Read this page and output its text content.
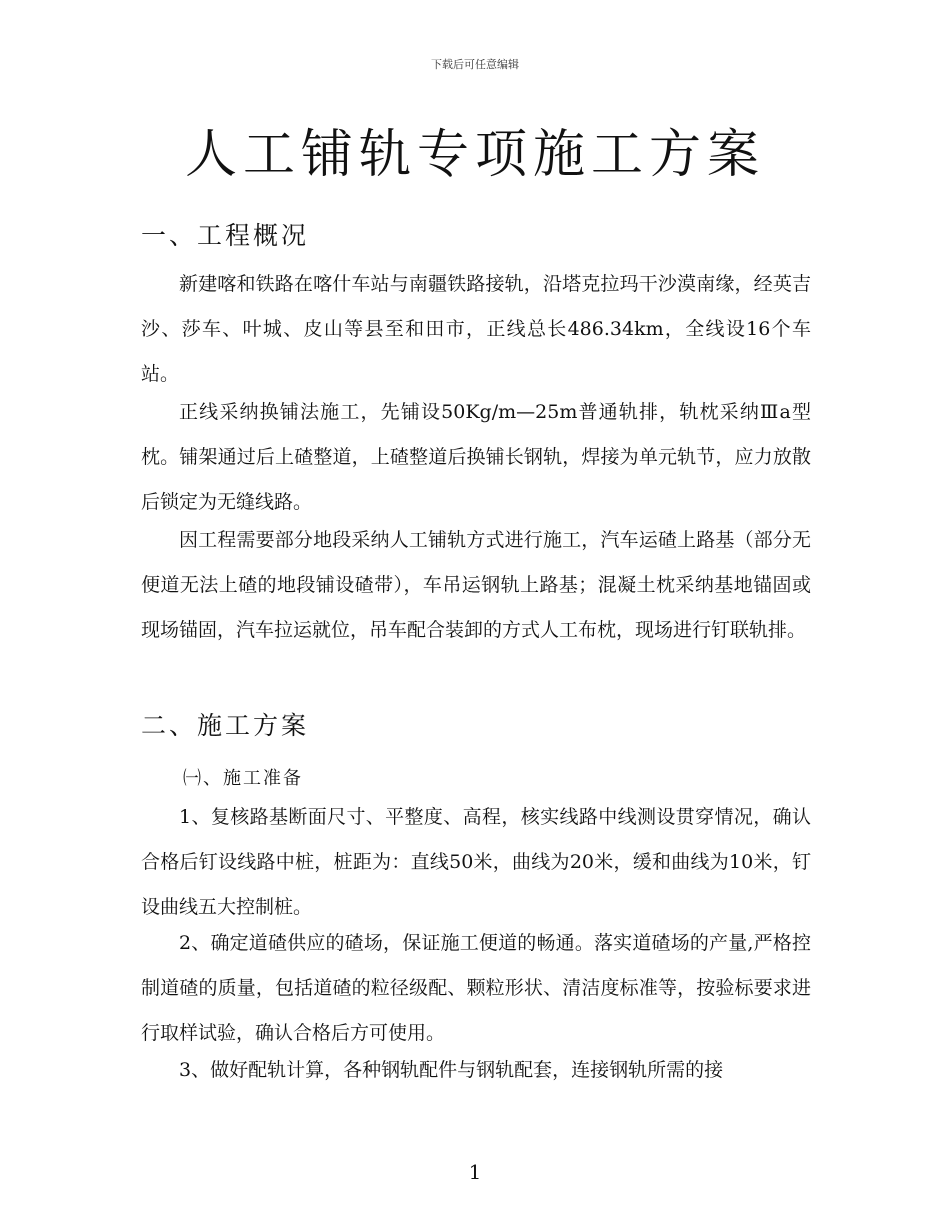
下载后可任意编辑
人工铺轨专项施工方案
一、工程概况
新建喀和铁路在喀什车站与南疆铁路接轨，沿塔克拉玛干沙漠南缘，经英吉沙、莎车、叶城、皮山等县至和田市，正线总长486.34km，全线设16个车站。
正线采纳换铺法施工，先铺设50Kg/m—25m普通轨排，轨枕采纳Ⅲa型枕。铺架通过后上碴整道，上碴整道后换铺长钢轨，焊接为单元轨节，应力放散后锁定为无缝线路。
因工程需要部分地段采纳人工铺轨方式进行施工，汽车运碴上路基（部分无便道无法上碴的地段铺设碴带），车吊运钢轨上路基；混凝土枕采纳基地锚固或现场锚固，汽车拉运就位，吊车配合装卸的方式人工布枕，现场进行钉联轨排。
二、施工方案
㈠、施工准备
1、复核路基断面尺寸、平整度、高程，核实线路中线测设贯穿情况，确认合格后钉设线路中桩，桩距为：直线50米，曲线为20米，缓和曲线为10米，钉设曲线五大控制桩。
2、确定道碴供应的碴场，保证施工便道的畅通。落实道碴场的产量,严格控制道碴的质量，包括道碴的粒径级配、颗粒形状、清洁度标准等，按验标要求进行取样试验，确认合格后方可使用。
3、做好配轨计算，各种钢轨配件与钢轨配套，连接钢轨所需的接
1
